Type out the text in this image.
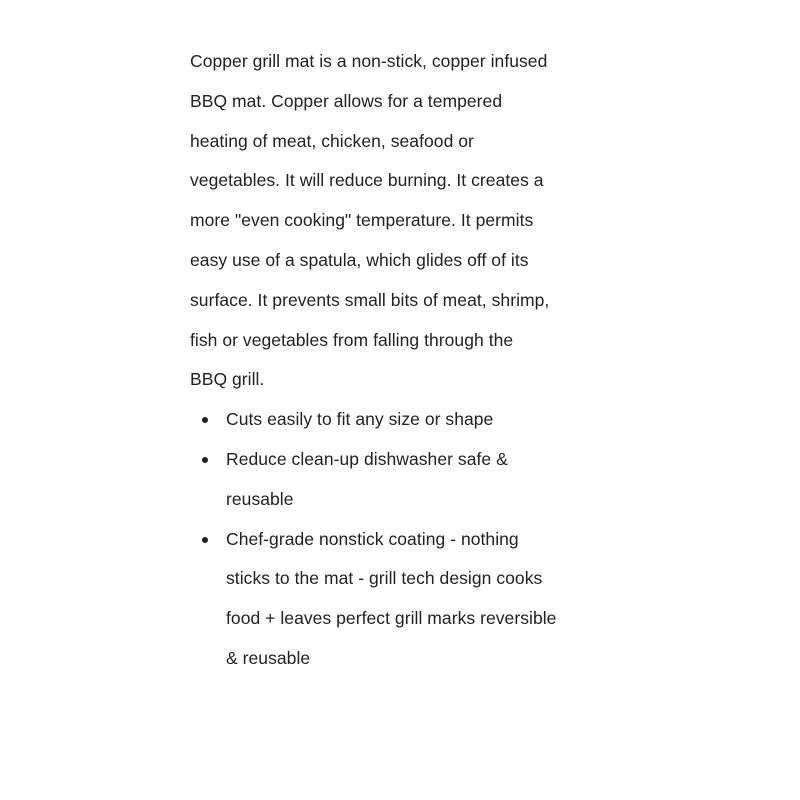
Copper grill mat is a non-stick, copper infused
BBQ mat. Copper allows for a tempered
heating of meat, chicken, seafood or
vegetables. It will reduce burning. It creates a
more "even cooking" temperature. It permits
easy use of a spatula, which glides off of its
surface. It prevents small bits of meat, shrimp,
fish or vegetables from falling through the
BBQ grill.

Cuts easily to fit any size or shape
Reduce clean-up dishwasher safe &
reusable
Chef-grade nonstick coating - nothing
sticks to the mat - grill tech design cooks
food + leaves perfect grill marks reversible
& reusable
